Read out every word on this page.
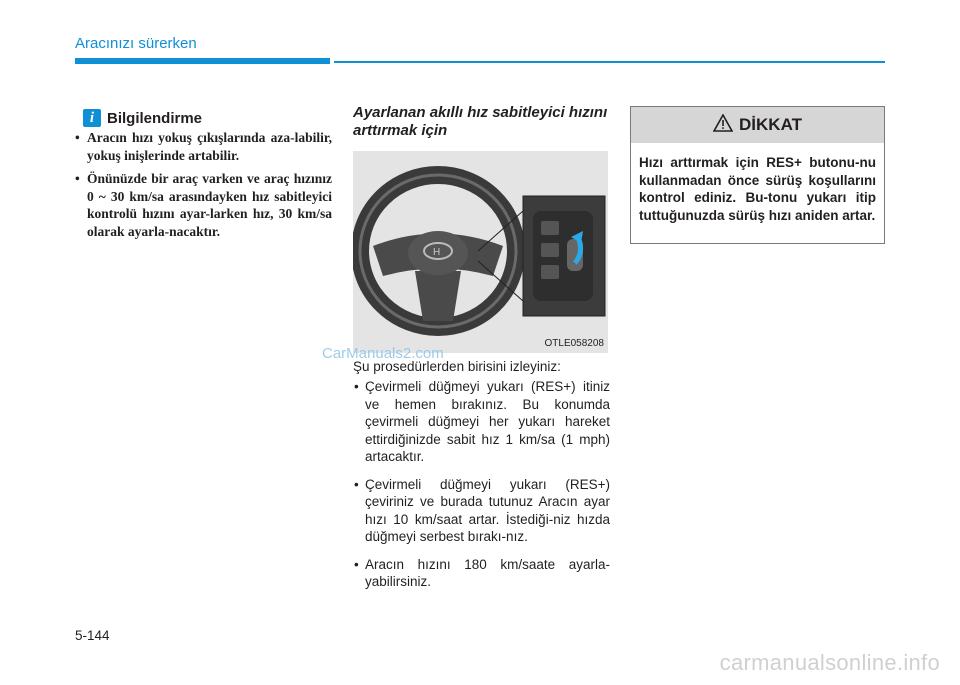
Aracınızı sürerken
i Bilgilendirme
• Aracın hızı yokuş çıkışlarında aza-labilir, yokuş inişlerinde artabilir.
• Önünüzde bir araç varken ve araç hızınız 0 ~ 30 km/sa arasındayken hız sabitleyici kontrolü hızını ayar-larken hız, 30 km/sa olarak ayarla-nacaktır.
Ayarlanan akıllı hız sabitleyici hızını arttırmak için
H
OTLE058208
CarManuals2.com
Şu prosedürlerden birisini izleyiniz:
• Çevirmeli düğmeyi yukarı (RES+) itiniz ve hemen bırakınız. Bu konumda çevirmeli düğmeyi her yukarı hareket ettirdiğinizde sabit hız 1 km/sa (1 mph) artacaktır.
• Çevirmeli düğmeyi yukarı (RES+) çeviriniz ve burada tutunuz Aracın ayar hızı 10 km/saat artar. İstediği-niz hızda düğmeyi serbest bırakı-nız.
• Aracın hızını 180 km/saate ayarla-yabilirsiniz.
DİKKAT
Hızı arttırmak için RES+ butonu-nu kullanmadan önce sürüş koşullarını kontrol ediniz. Bu-tonu yukarı itip tuttuğunuzda sürüş hızı aniden artar.
5-144
carmanualsonline.info
